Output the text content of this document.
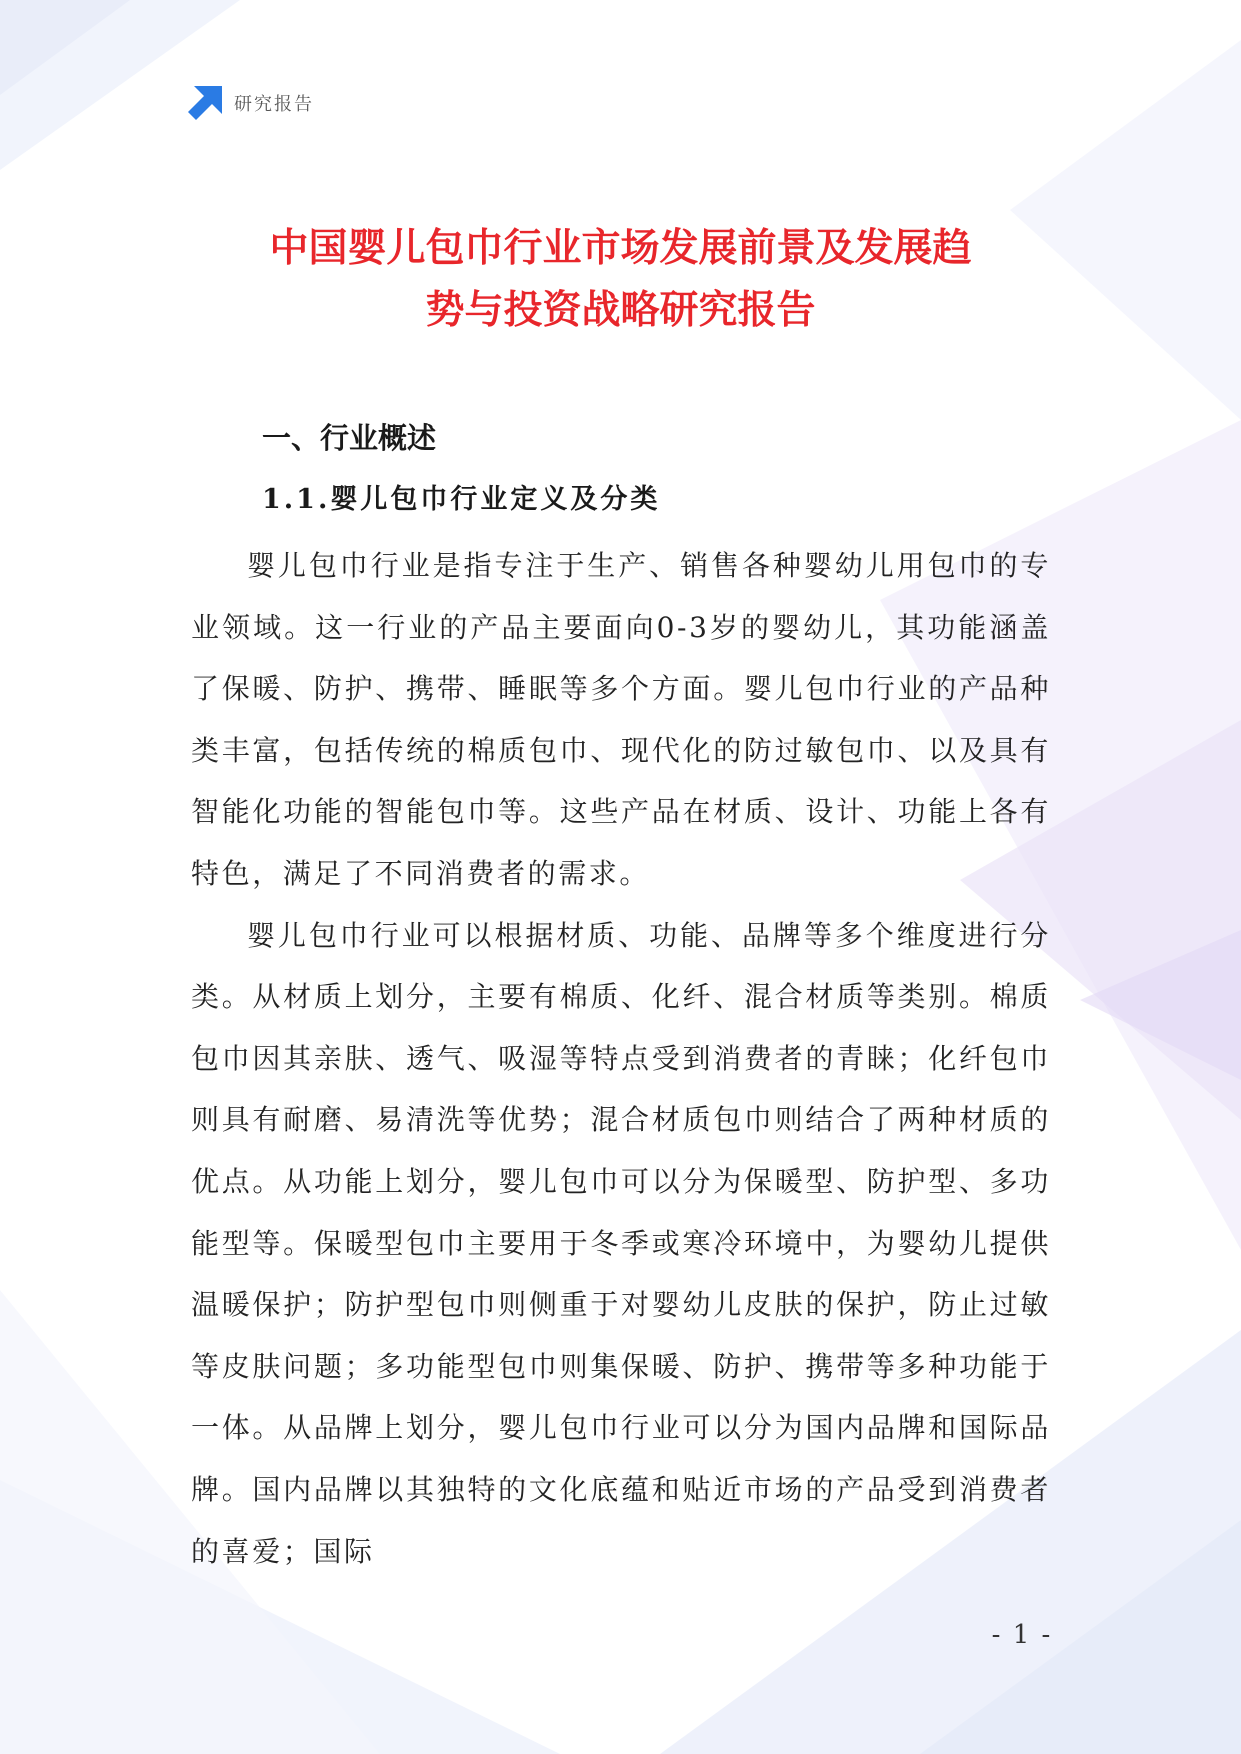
研究报告
中国婴儿包巾行业市场发展前景及发展趋
势与投资战略研究报告
一、行业概述
1.1.婴儿包巾行业定义及分类

婴儿包巾行业是指专注于生产、销售各种婴幼儿用包巾的专业领域。这一行业的产品主要面向0-3岁的婴幼儿，其功能涵盖了保暖、防护、携带、睡眠等多个方面。婴儿包巾行业的产品种类丰富，包括传统的棉质包巾、现代化的防过敏包巾、以及具有智能化功能的智能包巾等。这些产品在材质、设计、功能上各有特色，满足了不同消费者的需求。

婴儿包巾行业可以根据材质、功能、品牌等多个维度进行分类。从材质上划分，主要有棉质、化纤、混合材质等类别。棉质包巾因其亲肤、透气、吸湿等特点受到消费者的青睐；化纤包巾则具有耐磨、易清洗等优势；混合材质包巾则结合了两种材质的优点。从功能上划分，婴儿包巾可以分为保暖型、防护型、多功能型等。保暖型包巾主要用于冬季或寒冷环境中，为婴幼儿提供温暖保护；防护型包巾则侧重于对婴幼儿皮肤的保护，防止过敏等皮肤问题；多功能型包巾则集保暖、防护、携带等多种功能于一体。从品牌上划分，婴儿包巾行业可以分为国内品牌和国际品牌。国内品牌以其独特的文化底蕴和贴近市场的产品受到消费者的喜爱；国际

- 1 -
